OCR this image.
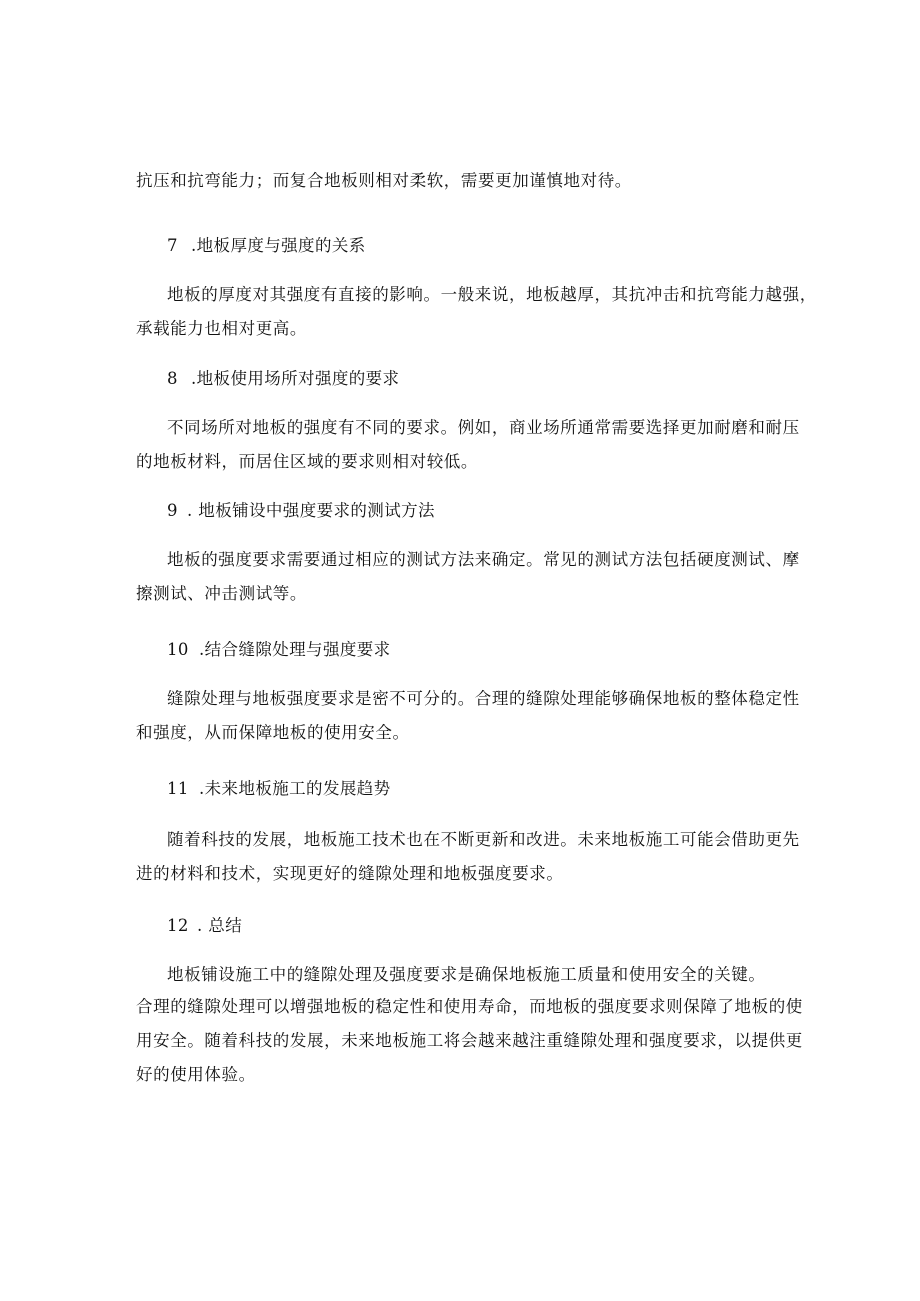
抗压和抗弯能力；而复合地板则相对柔软，需要更加谨慎地对待。
7 .地板厚度与强度的关系
地板的厚度对其强度有直接的影响。一般来说，地板越厚，其抗冲击和抗弯能力越强，
承载能力也相对更高。
8 .地板使用场所对强度的要求
不同场所对地板的强度有不同的要求。例如，商业场所通常需要选择更加耐磨和耐压
的地板材料，而居住区域的要求则相对较低。
9 . 地板铺设中强度要求的测试方法
地板的强度要求需要通过相应的测试方法来确定。常见的测试方法包括硬度测试、摩
擦测试、冲击测试等。
10 .结合缝隙处理与强度要求
缝隙处理与地板强度要求是密不可分的。合理的缝隙处理能够确保地板的整体稳定性
和强度，从而保障地板的使用安全。
11 .未来地板施工的发展趋势
随着科技的发展，地板施工技术也在不断更新和改进。未来地板施工可能会借助更先
进的材料和技术，实现更好的缝隙处理和地板强度要求。
12 . 总结
地板铺设施工中的缝隙处理及强度要求是确保地板施工质量和使用安全的关键。
合理的缝隙处理可以增强地板的稳定性和使用寿命，而地板的强度要求则保障了地板的使
用安全。随着科技的发展，未来地板施工将会越来越注重缝隙处理和强度要求，以提供更
好的使用体验。
